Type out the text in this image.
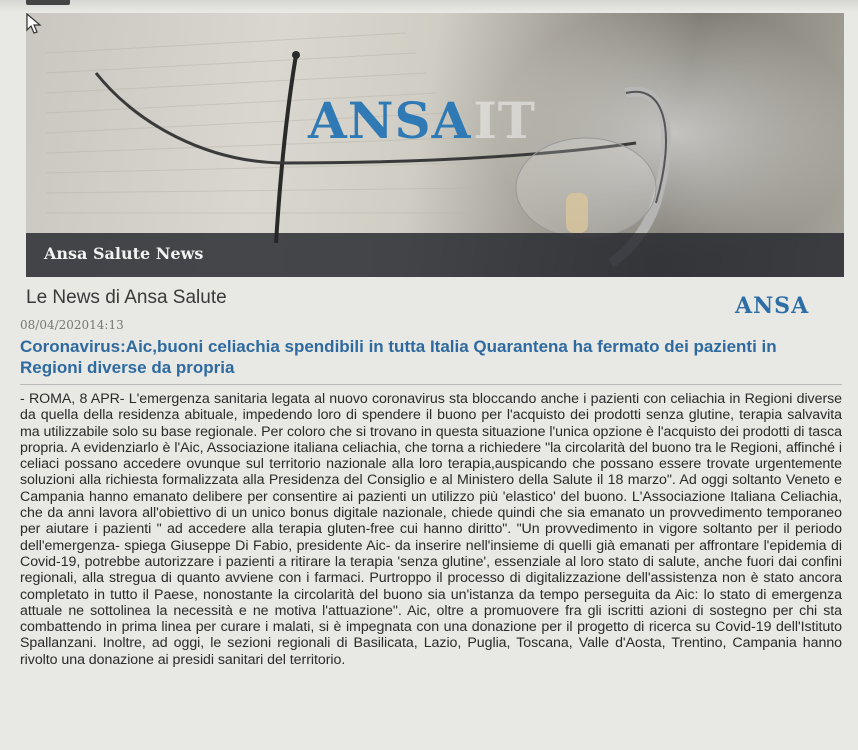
ANSAIT
Ansa Salute News
Le News di Ansa Salute	ANSA
08/04/202014:13
Coronavirus:Aic,buoni celiachia spendibili in tutta Italia Quarantena ha fermato dei pazienti in Regioni diverse da propria
- ROMA, 8 APR- L'emergenza sanitaria legata al nuovo coronavirus sta bloccando anche i pazienti con celiachia in Regioni diverse da quella della residenza abituale, impedendo loro di spendere il buono per l'acquisto dei prodotti senza glutine, terapia salvavita ma utilizzabile solo su base regionale. Per coloro che si trovano in questa situazione l'unica opzione è l'acquisto dei prodotti di tasca propria. A evidenziarlo è l'Aic, Associazione italiana celiachia, che torna a richiedere "la circolarità del buono tra le Regioni, affinché i celiaci possano accedere ovunque sul territorio nazionale alla loro terapia,auspicando che possano essere trovate urgentemente soluzioni alla richiesta formalizzata alla Presidenza del Consiglio e al Ministero della Salute il 18 marzo". Ad oggi soltanto Veneto e Campania hanno emanato delibere per consentire ai pazienti un utilizzo più 'elastico' del buono. L'Associazione Italiana Celiachia, che da anni lavora all'obiettivo di un unico bonus digitale nazionale, chiede quindi che sia emanato un provvedimento temporaneo per aiutare i pazienti " ad accedere alla terapia gluten-free cui hanno diritto". "Un provvedimento in vigore soltanto per il periodo dell'emergenza- spiega Giuseppe Di Fabio, presidente Aic- da inserire nell'insieme di quelli già emanati per affrontare l'epidemia di Covid-19, potrebbe autorizzare i pazienti a ritirare la terapia 'senza glutine', essenziale al loro stato di salute, anche fuori dai confini regionali, alla stregua di quanto avviene con i farmaci. Purtroppo il processo di digitalizzazione dell'assistenza non è stato ancora completato in tutto il Paese, nonostante la circolarità del buono sia un'istanza da tempo perseguita da Aic: lo stato di emergenza attuale ne sottolinea la necessità e ne motiva l'attuazione". Aic, oltre a promuovere fra gli iscritti azioni di sostegno per chi sta combattendo in prima linea per curare i malati, si è impegnata con una donazione per il progetto di ricerca su Covid-19 dell'Istituto Spallanzani. Inoltre, ad oggi, le sezioni regionali di Basilicata, Lazio, Puglia, Toscana, Valle d'Aosta, Trentino, Campania hanno rivolto una donazione ai presidi sanitari del territorio.
